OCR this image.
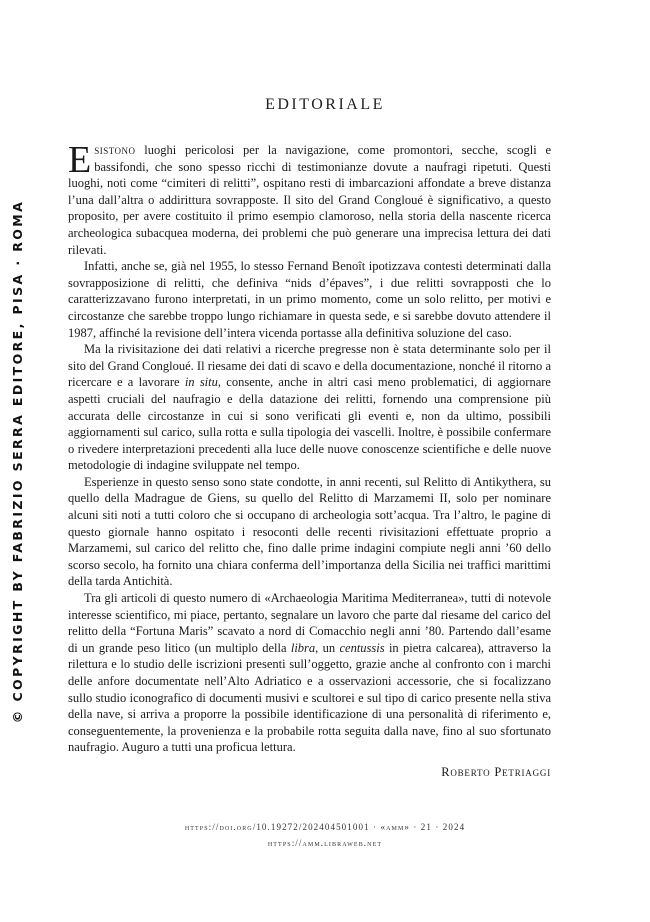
© COPYRIGHT BY FABRIZIO SERRA EDITORE, PISA · ROMA
EDITORIALE

Esistono luoghi pericolosi per la navigazione, come promontori, secche, scogli e bassifondi, che sono spesso ricchi di testimonianze dovute a naufragi ripetuti. Questi luoghi, noti come “cimiteri di relitti”, ospitano resti di imbarcazioni affondate a breve distanza l’una dall’altra o addirittura sovrapposte. Il sito del Grand Congloué è significativo, a questo proposito, per avere costituito il primo esempio clamoroso, nella storia della nascente ricerca archeologica subacquea moderna, dei problemi che può generare una imprecisa lettura dei dati rilevati.

Infatti, anche se, già nel 1955, lo stesso Fernand Benoît ipotizzava contesti determinati dalla sovrapposizione di relitti, che definiva “nids d’épaves”, i due relitti sovrapposti che lo caratterizzavano furono interpretati, in un primo momento, come un solo relitto, per motivi e circostanze che sarebbe troppo lungo richiamare in questa sede, e si sarebbe dovuto attendere il 1987, affinché la revisione dell’intera vicenda portasse alla definitiva soluzione del caso.

Ma la rivisitazione dei dati relativi a ricerche pregresse non è stata determinante solo per il sito del Grand Congloué. Il riesame dei dati di scavo e della documentazione, nonché il ritorno a ricercare e a lavorare in situ, consente, anche in altri casi meno problematici, di aggiornare aspetti cruciali del naufragio e della datazione dei relitti, fornendo una comprensione più accurata delle circostanze in cui si sono verificati gli eventi e, non da ultimo, possibili aggiornamenti sul carico, sulla rotta e sulla tipologia dei vascelli. Inoltre, è possibile confermare o rivedere interpretazioni precedenti alla luce delle nuove conoscenze scientifiche e delle nuove metodologie di indagine sviluppate nel tempo.

Esperienze in questo senso sono state condotte, in anni recenti, sul Relitto di Antikythera, su quello della Madrague de Giens, su quello del Relitto di Marzamemi II, solo per nominare alcuni siti noti a tutti coloro che si occupano di archeologia sott’acqua. Tra l’altro, le pagine di questo giornale hanno ospitato i resoconti delle recenti rivisitazioni effettuate proprio a Marzamemi, sul carico del relitto che, fino dalle prime indagini compiute negli anni ’60 dello scorso secolo, ha fornito una chiara conferma dell’importanza della Sicilia nei traffici marittimi della tarda Antichità.

Tra gli articoli di questo numero di «Archaeologia Maritima Mediterranea», tutti di notevole interesse scientifico, mi piace, pertanto, segnalare un lavoro che parte dal riesame del carico del relitto della “Fortuna Maris” scavato a nord di Comacchio negli anni ’80. Partendo dall’esame di un grande peso litico (un multiplo della libra, un centussis in pietra calcarea), attraverso la rilettura e lo studio delle iscrizioni presenti sull’oggetto, grazie anche al confronto con i marchi delle anfore documentate nell’Alto Adriatico e a osservazioni accessorie, che si focalizzano sullo studio iconografico di documenti musivi e scultorei e sul tipo di carico presente nella stiva della nave, si arriva a proporre la possibile identificazione di una personalità di riferimento e, conseguentemente, la provenienza e la probabile rotta seguita dalla nave, fino al suo sfortunato naufragio. Auguro a tutti una proficua lettura.

Roberto Petriaggi
https://doi.org/10.19272/202404501001 · «amm» · 21 · 2024
https://amm.libraweb.net
